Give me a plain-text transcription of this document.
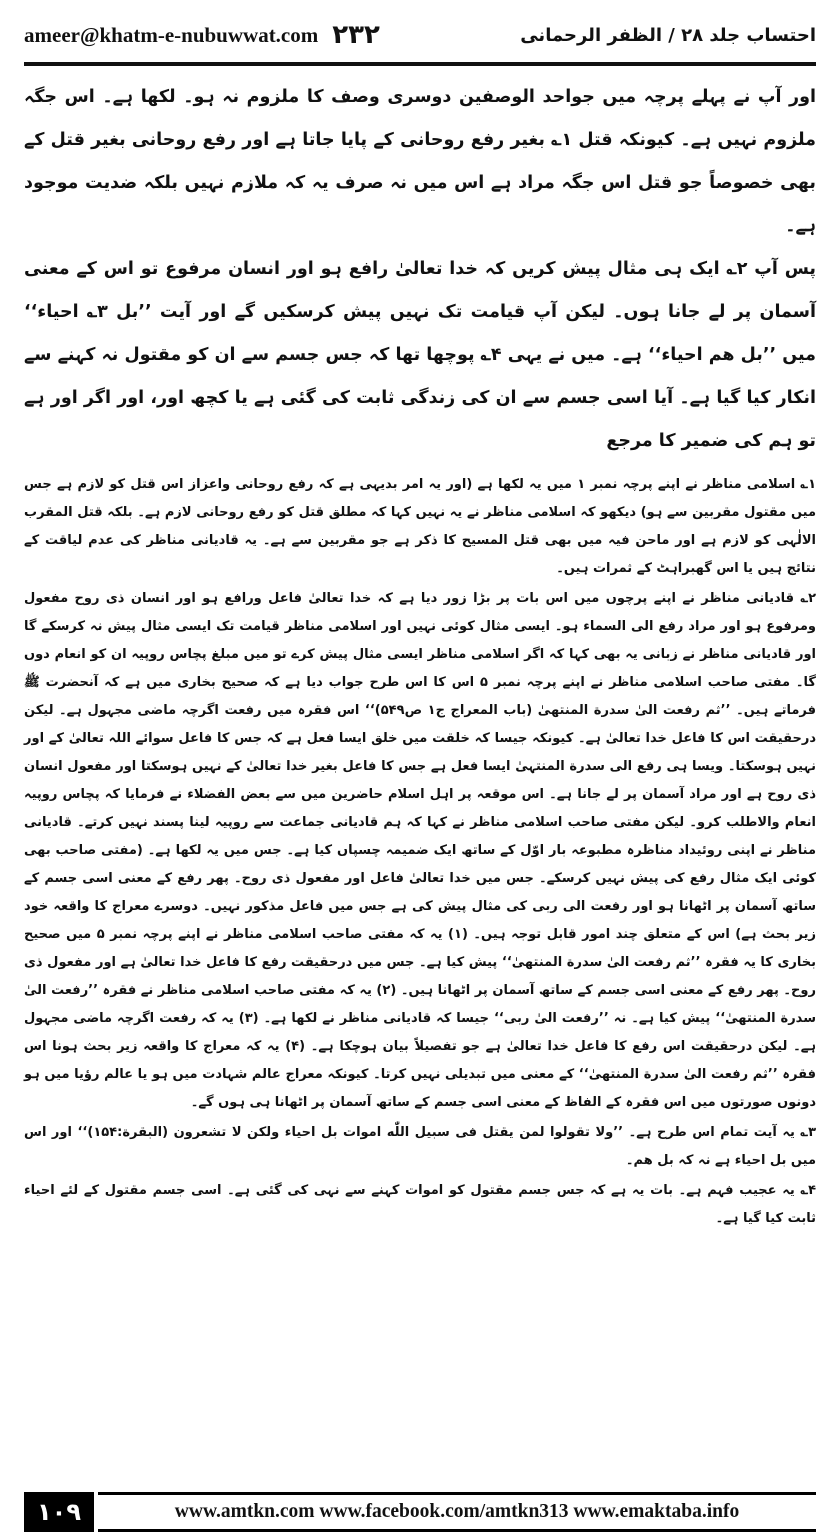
ameer@khatm-e-nubuwwat.com ۲۳۲	احتساب جلد ۲۸ / الظفر الرحمانی

اور آپ نے پہلے پرچہ میں جواحد الوصفین دوسری وصف کا ملزوم نہ ہو۔ لکھا ہے۔ اس جگہ ملزوم نہیں ہے۔ کیونکہ قتل ۱؎ بغیر رفع روحانی کے پایا جاتا ہے اور رفع روحانی بغیر قتل کے بھی خصوصاً جو قتل اس جگہ مراد ہے اس میں نہ صرف یہ کہ ملازم نہیں بلکہ ضدیت موجود ہے۔

پس آپ ۲؎ ایک ہی مثال پیش کریں کہ خدا تعالیٰ رافع ہو اور انسان مرفوع تو اس کے معنی آسمان پر لے جانا ہوں۔ لیکن آپ قیامت تک نہیں پیش کرسکیں گے اور آیت ’’بل ۳؎ احیاء‘‘ میں ’’بل هم احیاء‘‘ ہے۔ میں نے یہی ۴؎ پوچھا تھا کہ جس جسم سے ان کو مقتول نہ کہنے سے انکار کیا گیا ہے۔ آیا اسی جسم سے ان کی زندگی ثابت کی گئی ہے یا کچھ اور، اور اگر اور ہے تو ہم کی ضمیر کا مرجع

۱؎ اسلامی مناظر نے اپنے پرچہ نمبر ۱ میں یہ لکھا ہے (اور یہ امر بدیہی ہے کہ رفع روحانی واعزاز اس قتل کو لازم ہے جس میں مقتول مقربین سے ہو) دیکھو کہ اسلامی مناظر نے یہ نہیں کہا کہ مطلق قتل کو رفع روحانی لازم ہے۔ بلکہ قتل المقرب الالٰہی کو لازم ہے اور ماحن فیہ میں بھی قتل المسیح کا ذکر ہے جو مقربین سے ہے۔ یہ قادیانی مناظر کی عدم لیاقت کے نتائج ہیں یا اس گھبراہٹ کے ثمرات ہیں۔

۲؎ قادیانی مناظر نے اپنے پرچوں میں اس بات پر بڑا زور دیا ہے کہ خدا تعالیٰ فاعل ورافع ہو اور انسان ذی روح مفعول ومرفوع ہو اور مراد رفع الی السماء ہو۔ ایسی مثال کوئی نہیں اور اسلامی مناظر قیامت تک ایسی مثال پیش نہ کرسکے گا اور قادیانی مناظر نے زبانی یہ بھی کہا کہ اگر اسلامی مناظر ایسی مثال پیش کرے تو میں مبلغ پچاس روپیہ ان کو انعام دوں گا۔ مفتی صاحب اسلامی مناظر نے اپنے پرچہ نمبر ۵ اس کا اس طرح جواب دیا ہے کہ صحیح بخاری میں ہے کہ آنحضرت ﷺ فرماتے ہیں۔ ’’ثم رفعت الیٰ سدرة المنتهیٰ (باب المعراج ج۱ ص۵۴۹)‘‘ اس فقرہ میں رفعت اگرچہ ماضی مجہول ہے۔ لیکن درحقیقت اس کا فاعل خدا تعالیٰ ہے۔ کیونکہ جیسا کہ خلقت میں خلق ایسا فعل ہے کہ جس کا فاعل سوائے اللہ تعالیٰ کے اور نہیں ہوسکتا۔ ویسا ہی رفع الی سدرة المنتہیٰ ایسا فعل ہے جس کا فاعل بغیر خدا تعالیٰ کے نہیں ہوسکتا اور مفعول انسان ذی روح ہے اور مراد آسمان پر لے جانا ہے۔ اس موقعہ پر اہل اسلام حاضرین میں سے بعض الفضلاء نے فرمایا کہ پچاس روپیہ انعام والاطلب کرو۔ لیکن مفتی صاحب اسلامی مناظر نے کہا کہ ہم قادیانی جماعت سے روپیہ لینا پسند نہیں کرتے۔ قادیانی مناظر نے اپنی روئیداد مناظرہ مطبوعہ بار اوّل کے ساتھ ایک ضمیمہ چسپاں کیا ہے۔ جس میں یہ لکھا ہے۔ (مفتی صاحب بھی کوئی ایک مثال رفع کی پیش نہیں کرسکے۔ جس میں خدا تعالیٰ فاعل اور مفعول ذی روح۔ پھر رفع کے معنی اسی جسم کے ساتھ آسمان پر اٹھانا ہو اور رفعت الی ربی کی مثال پیش کی ہے جس میں فاعل مذکور نہیں۔ دوسرے معراج کا واقعہ خود زیر بحث ہے) اس کے متعلق چند امور قابل توجہ ہیں۔ (۱) یہ کہ مفتی صاحب اسلامی مناظر نے اپنے پرچہ نمبر ۵ میں صحیح بخاری کا یہ فقرہ ’’ثم رفعت الیٰ سدرة المنتهیٰ‘‘ پیش کیا ہے۔ جس میں درحقیقت رفع کا فاعل خدا تعالیٰ ہے اور مفعول ذی روح۔ پھر رفع کے معنی اسی جسم کے ساتھ آسمان پر اٹھانا ہیں۔ (۲) یہ کہ مفتی صاحب اسلامی مناظر نے فقرہ ’’رفعت الیٰ سدرة المنتهیٰ‘‘ پیش کیا ہے۔ نہ ’’رفعت الیٰ ربی‘‘ جیسا کہ قادیانی مناظر نے لکھا ہے۔ (۳) یہ کہ رفعت اگرچہ ماضی مجہول ہے۔ لیکن درحقیقت اس رفع کا فاعل خدا تعالیٰ ہے جو تفصیلاً بیان ہوچکا ہے۔ (۴) یہ کہ معراج کا واقعہ زیر بحث ہونا اس فقرہ ’’ثم رفعت الیٰ سدرة المنتهیٰ‘‘ کے معنی میں تبدیلی نہیں کرتا۔ کیونکہ معراج عالم شہادت میں ہو یا عالم رؤیا میں ہو دونوں صورتوں میں اس فقرہ کے الفاظ کے معنی اسی جسم کے ساتھ آسمان پر اٹھانا ہی ہوں گے۔

۳؎ یہ آیت تمام اس طرح ہے۔ ’’ولا تقولوا لمن یقتل فی سبیل اللّٰه اموات بل احیاء ولکن لا تشعرون (البقرة:۱۵۴)‘‘ اور اس میں بل احیاء ہے نہ کہ بل هم۔

۴؎ یہ عجیب فہم ہے۔ بات یہ ہے کہ جس جسم مقتول کو اموات کہنے سے نہی کی گئی ہے۔ اسی جسم مقتول کے لئے احیاء ثابت کیا گیا ہے۔

۱۰۹	www.amtkn.com www.facebook.com/amtkn313 www.emaktaba.info
